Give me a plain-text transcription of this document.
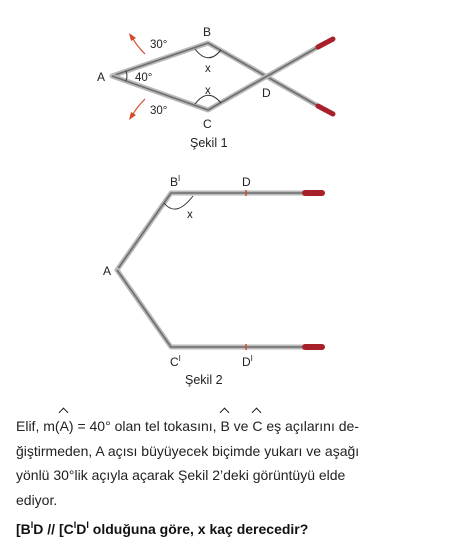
A
B
C
D
30°
40°
30°
x
x
Şekil 1
A
$B^I$	D
x
$C^I$	$D^I$
Şekil 2

Elif, m(A) = 40° olan tel tokasını, B ve C eş açılarını de-

ğiştirmeden, A açısı büyüyecek biçimde yukarı ve aşağı

yönlü 30°lik açıyla açarak Şekil 2’deki görüntüyü elde

ediyor.

[$B^ID // [C^ID^I$ olduğuna göre, x kaç derecedir?
